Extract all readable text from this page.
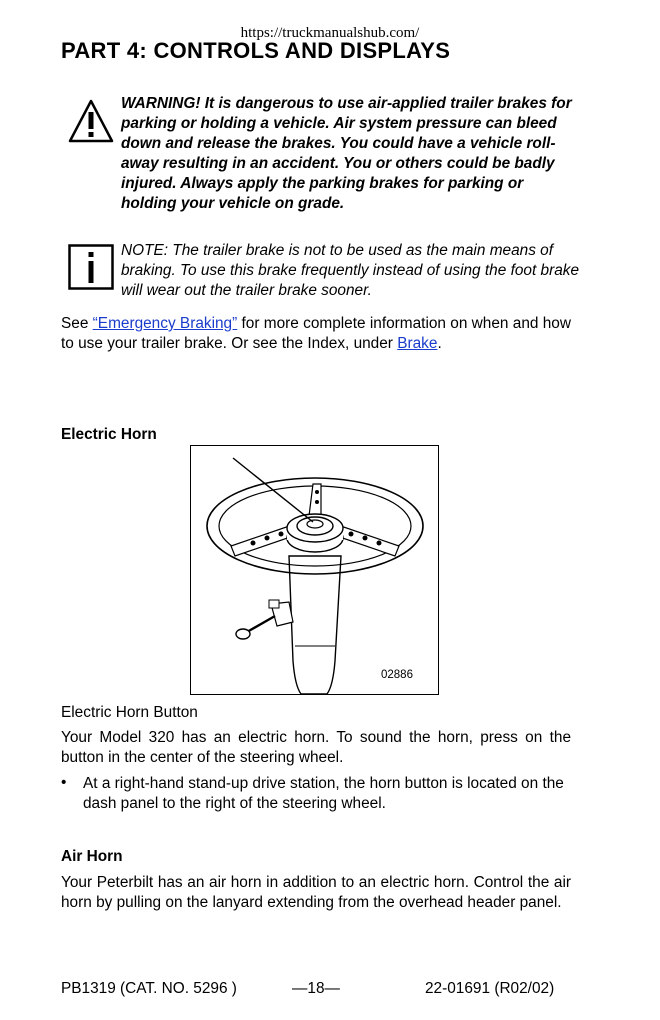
https://truckmanualshub.com/
PART 4: CONTROLS AND DISPLAYS
WARNING! It is dangerous to use air-applied trailer brakes for parking or holding a vehicle. Air system pressure can bleed down and release the brakes. You could have a vehicle roll-away resulting in an accident. You or others could be badly injured. Always apply the parking brakes for parking or holding your vehicle on grade.
NOTE: The trailer brake is not to be used as the main means of braking. To use this brake frequently instead of using the foot brake will wear out the trailer brake sooner.
See “Emergency Braking” for more complete information on when and how to use your trailer brake. Or see the Index, under Brake.
Electric Horn
02886
Electric Horn Button
Your Model 320 has an electric horn. To sound the horn, press on the button in the center of the steering wheel.
• At a right-hand stand-up drive station, the horn button is located on the dash panel to the right of the steering wheel.
Air Horn
Your Peterbilt has an air horn in addition to an electric horn. Control the air horn by pulling on the lanyard extending from the overhead header panel.
PB1319 (CAT. NO. 5296 )	—18—	22-01691 (R02/02)
